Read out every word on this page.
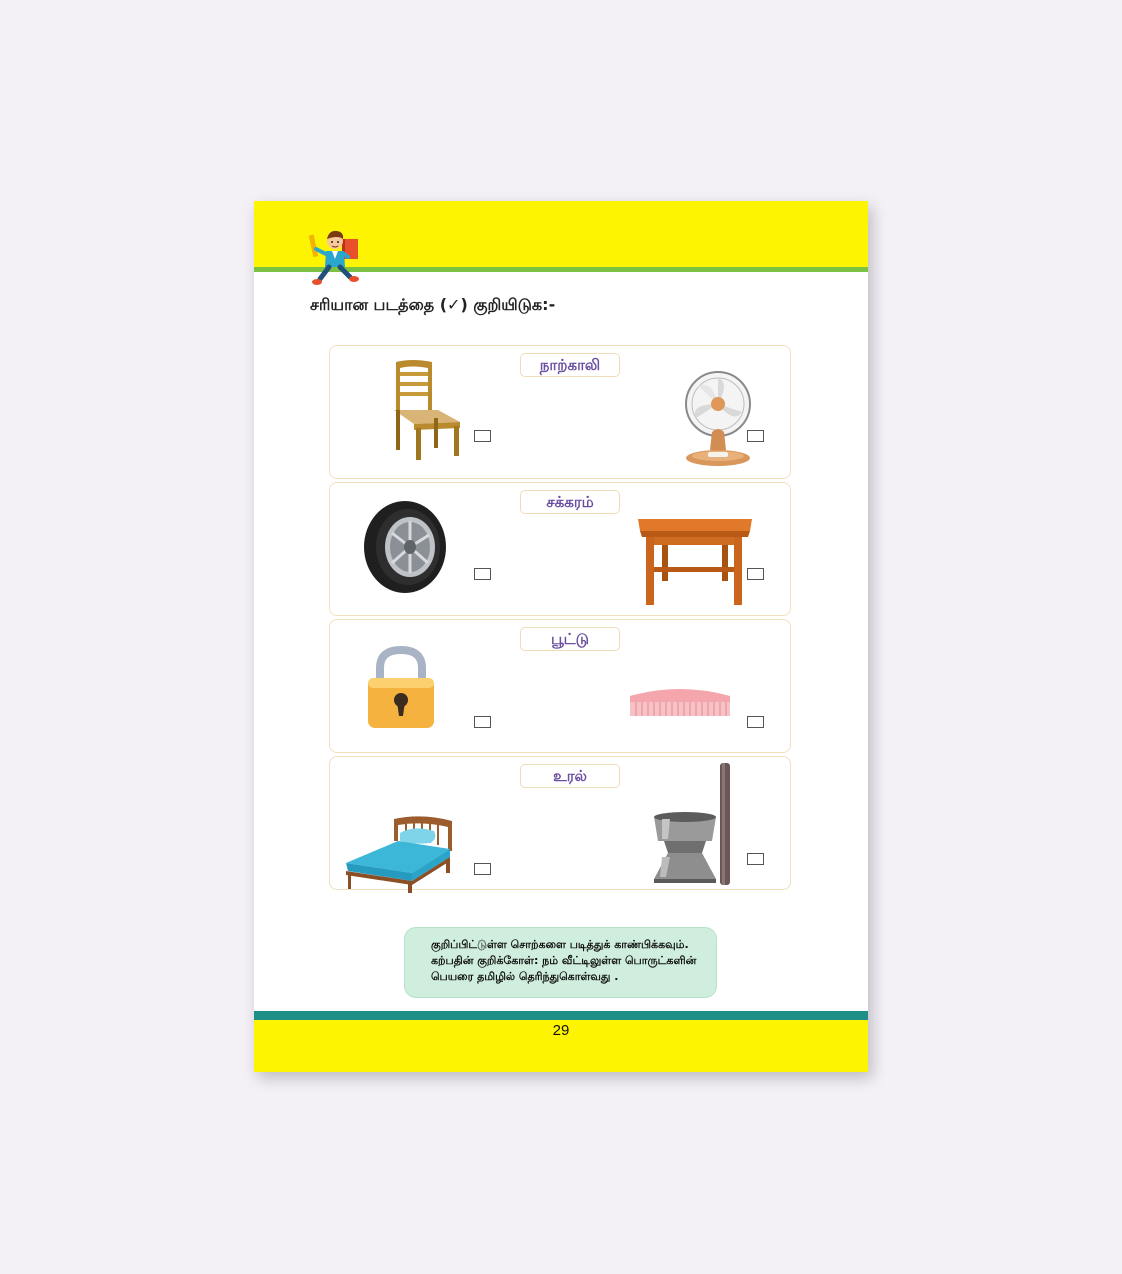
சரியான படத்தை (✓) குறியிடுக:-

நாற்காலி
சக்கரம்
பூட்டு
உரல்
குறிப்பிட்டுள்ள சொற்களை படித்துக் காண்பிக்கவும்.
கற்பதின் குறிக்கோள்: நம் வீட்டிலுள்ள பொருட்களின்
பெயரை தமிழில் தெரிந்துகொள்வது .
29
